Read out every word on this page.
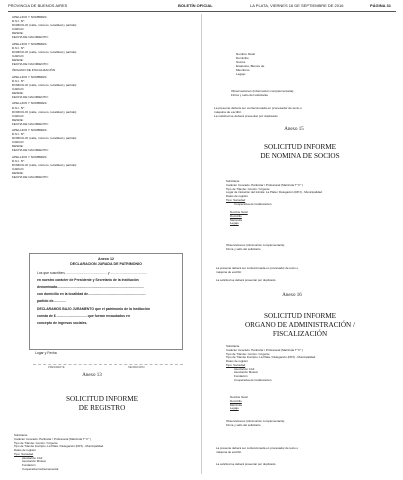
PROVINCIA DE BUENOS AIRES	BOLETÍN OFICIAL	LA PLATA, VIERNES 16 DE SEPTIEMBRE DE 2016	PÁGINA 31
APELLIDO Y NOMBRES:
D.N.I. N°:
DOMICILIO (calle, número, localidad y partido):
CARGO:
DESDE:
FECHA DE NACIMIENTO:
APELLIDO Y NOMBRES:
D.N.I. N°:
DOMICILIO (calle, número, localidad y partido):
CARGO:
DESDE:
FECHA DE NACIMIENTO:
ÓRGANO DE FISCALIZACIÓN
APELLIDO Y NOMBRES:
D.N.I. N°:
DOMICILIO (calle, número, localidad y partido):
CARGO:
DESDE:
FECHA DE NACIMIENTO:
APELLIDO Y NOMBRES:
D.N.I. N°:
DOMICILIO (calle, número, localidad y partido):
CARGO:
DESDE:
FECHA DE NACIMIENTO:
APELLIDO Y NOMBRES:
D.N.I. N°:
DOMICILIO (calle, número, localidad y partido):
CARGO:
DESDE:
FECHA DE NACIMIENTO:
APELLIDO Y NOMBRES:
D.N.I. N°:
DOMICILIO (calle, número, localidad y partido):
CARGO:
DESDE:
FECHA DE NACIMIENTO:
Anexo 12
DECLARACION JURADA DE PATRIMONIO
Los que suscriben, ........................................... y .......................................
en nuestro carácter de Presidente y Secretario de la Institución
denominada............................................................................................
con domicilio en la localidad de.............................................................
partido de.............
DECLARAMOS BAJO JURAMENTO que el patrimonio de la Institución
consta de $ ................................ que fueran recaudados en
concepto de ingresos sociales.
Lugar y Fecha
PRESIDENTE	SECRETARIO
Anexo 13
SOLICITUD INFORME
DE REGISTRO
Solicitante
Carácter Invocado: Particular / Profesional (Matrícula T° F° )
Tipo de Trámite: Común / Urgente
Tipo de Trámite Inscripto: La Plata / Delegación (DPJ) - Municipalidad
Datos de registro
Tipo: Sociedad
Asociación Civil
Asociación Mutual
Fundación
Cooperativa Gubernamental
Nombre fiscal
Domicilio
Socios
Estatutos, Bienes de
Miembros
Legajo
Observaciones (información complementaria)
Firma y sello del solicitante
La presente deberá ser confeccionada en procesador de texto o
máquina de escribir.
La solicitud se deberá presentar por duplicado.
Anexo 15
SOLICITUD INFORME
DE NOMINA DE SOCIOS
Solicitante
Carácter Invocado: Particular / Profesional (Matrícula T° F° )
Tipo de Trámite: Común / Urgente
Lugar de iniciación del trámite: La Plata / Delegación (DPJ) - Municipalidad
Datos de registro
Tipo: Sociedad
Cooperativa de Colaboración
Nombre fiscal
Domicilio
Matrícula
Legajo
Observaciones (información complementaria)
Firma y sello del solicitante
La presente deberá ser confeccionada en procesador de texto o
máquina de escribir.
La solicitud se deberá presentar por duplicado.
Anexo 16
SOLICITUD INFORME
ORGANO DE ADMINISTRACIÓN /
FISCALIZACIÓN
Solicitante
Carácter Invocado: Particular / Profesional (Matrícula T° F° )
Tipo de Trámite: Común / Urgente
Tipo de Trámite Inscripto: La Plata / Delegación (DPJ) - Municipalidad
Datos de registro
Tipo: Sociedad
Asociación Civil
Asociación Mutual
Fundación
Cooperativa de Colaboración
Nombre fiscal
Domicilio
Matrícula
Legajo
Observaciones (información complementaria)
Firma y sello del solicitante
La presente deberá ser confeccionada en procesador de texto o
máquina de escribir.
La solicitud se deberá presentar por duplicado.
